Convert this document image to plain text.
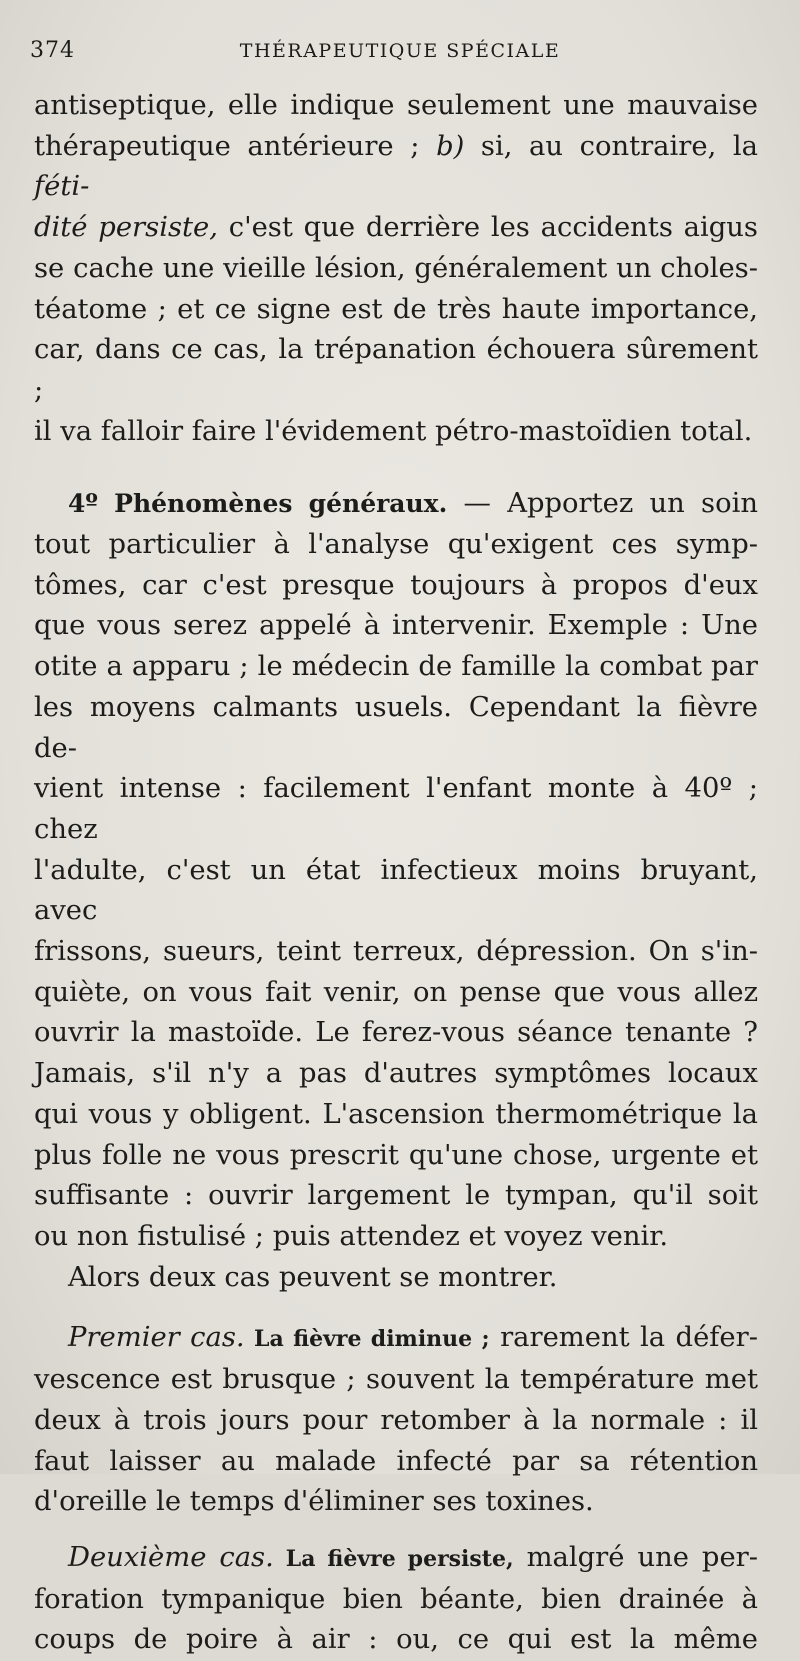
374	THÉRAPEUTIQUE SPÉCIALE

antiseptique, elle indique seulement une mauvaise

thérapeutique antérieure ; b) si, au contraire, la féti-

dité persiste, c'est que derrière les accidents aigus

se cache une vieille lésion, généralement un choles-

téatome ; et ce signe est de très haute importance,

car, dans ce cas, la trépanation échouera sûrement ;

il va falloir faire l'évidement pétro-mastoïdien total.

4º Phénomènes généraux. — Apportez un soin

tout particulier à l'analyse qu'exigent ces symp-

tômes, car c'est presque toujours à propos d'eux

que vous serez appelé à intervenir. Exemple : Une

otite a apparu ; le médecin de famille la combat par

les moyens calmants usuels. Cependant la fièvre de-

vient intense : facilement l'enfant monte à 40º ; chez

l'adulte, c'est un état infectieux moins bruyant, avec

frissons, sueurs, teint terreux, dépression. On s'in-

quiète, on vous fait venir, on pense que vous allez

ouvrir la mastoïde. Le ferez-vous séance tenante ?

Jamais, s'il n'y a pas d'autres symptômes locaux

qui vous y obligent. L'ascension thermométrique la

plus folle ne vous prescrit qu'une chose, urgente et

suffisante : ouvrir largement le tympan, qu'il soit

ou non fistulisé ; puis attendez et voyez venir.

Alors deux cas peuvent se montrer.

Premier cas. La fièvre diminue ; rarement la défer-

vescence est brusque ; souvent la température met

deux à trois jours pour retomber à la normale : il

faut laisser au malade infecté par sa rétention

d'oreille le temps d'éliminer ses toxines.

Deuxième cas. La fièvre persiste, malgré une per-

foration tympanique bien béante, bien drainée à

coups de poire à air : ou, ce qui est la même
